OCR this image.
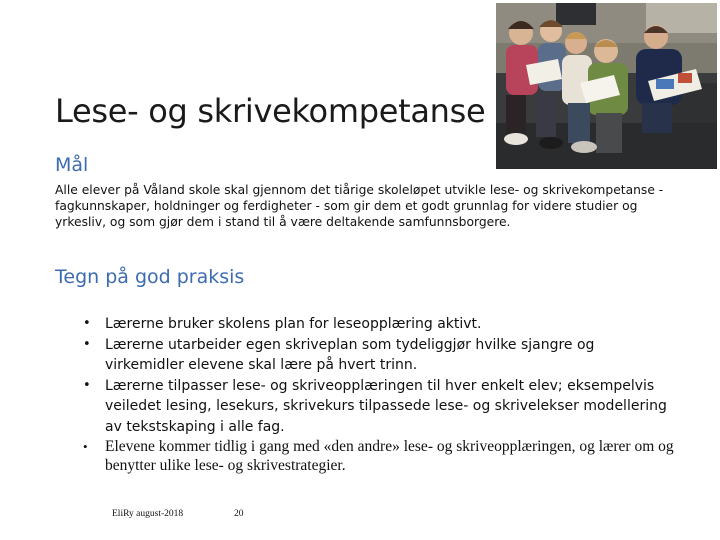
Lese- og skrivekompetanse
Mål
Alle elever på Våland skole skal gjennom det tiårige skoleløpet utvikle lese- og skrivekompetanse - fagkunnskaper, holdninger og ferdigheter - som gir dem et godt grunnlag for videre studier og yrkesliv, og som gjør dem i stand til å være deltakende samfunnsborgere.
Tegn på god praksis
• Lærerne bruker skolens plan for leseopplæring aktivt.
• Lærerne utarbeider egen skriveplan som tydeliggjør hvilke sjangre og virkemidler elevene skal lære på hvert trinn.
• Lærerne tilpasser lese- og skriveopplæringen til hver enkelt elev; eksempelvis veiledet lesing, lesekurs, skrivekurs tilpassede lese- og skrivelekser modellering av tekstskaping i alle fag.
• Elevene kommer tidlig i gang med «den andre» lese- og skriveopplæringen, og lærer om og benytter ulike lese- og skrivestrategier.
EliRy august-2018	20
